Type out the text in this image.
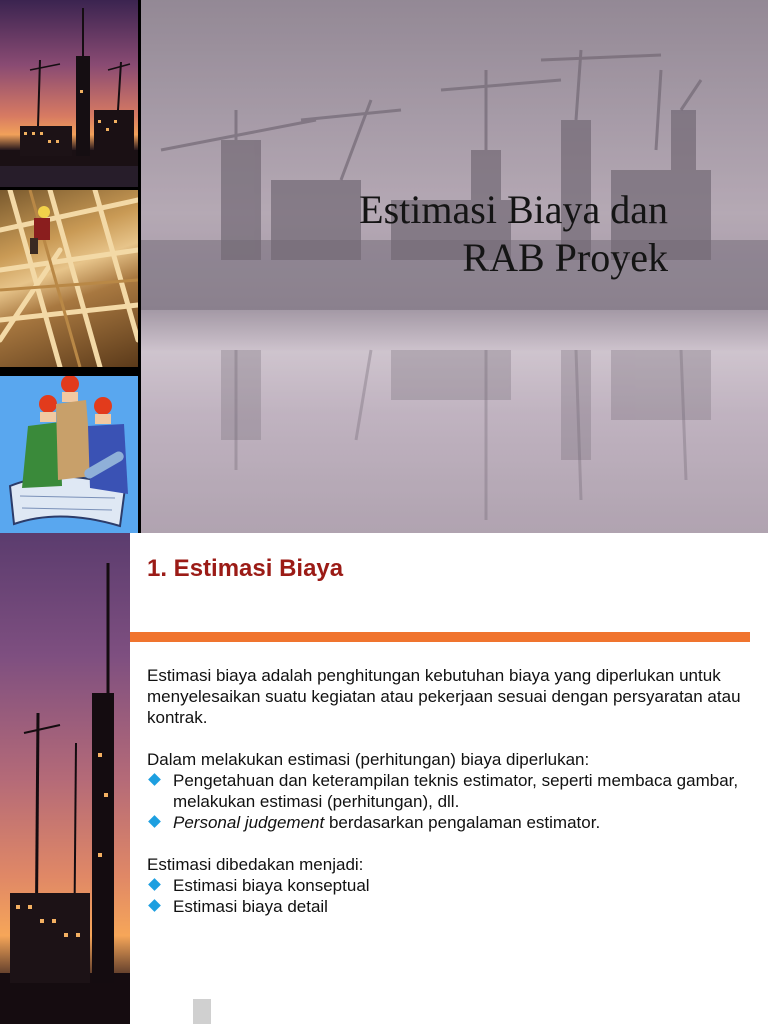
Estimasi Biaya dan
RAB Proyek
1. Estimasi Biaya

Estimasi biaya adalah penghitungan kebutuhan biaya yang diperlukan untuk menyelesaikan suatu kegiatan atau pekerjaan sesuai dengan persyaratan atau kontrak.

Dalam melakukan estimasi (perhitungan) biaya diperlukan:
Pengetahuan dan keterampilan teknis estimator, seperti membaca gambar, melakukan estimasi (perhitungan), dll.
Personal judgement berdasarkan pengalaman estimator.
Estimasi dibedakan menjadi:
Estimasi biaya konseptual
Estimasi biaya detail
